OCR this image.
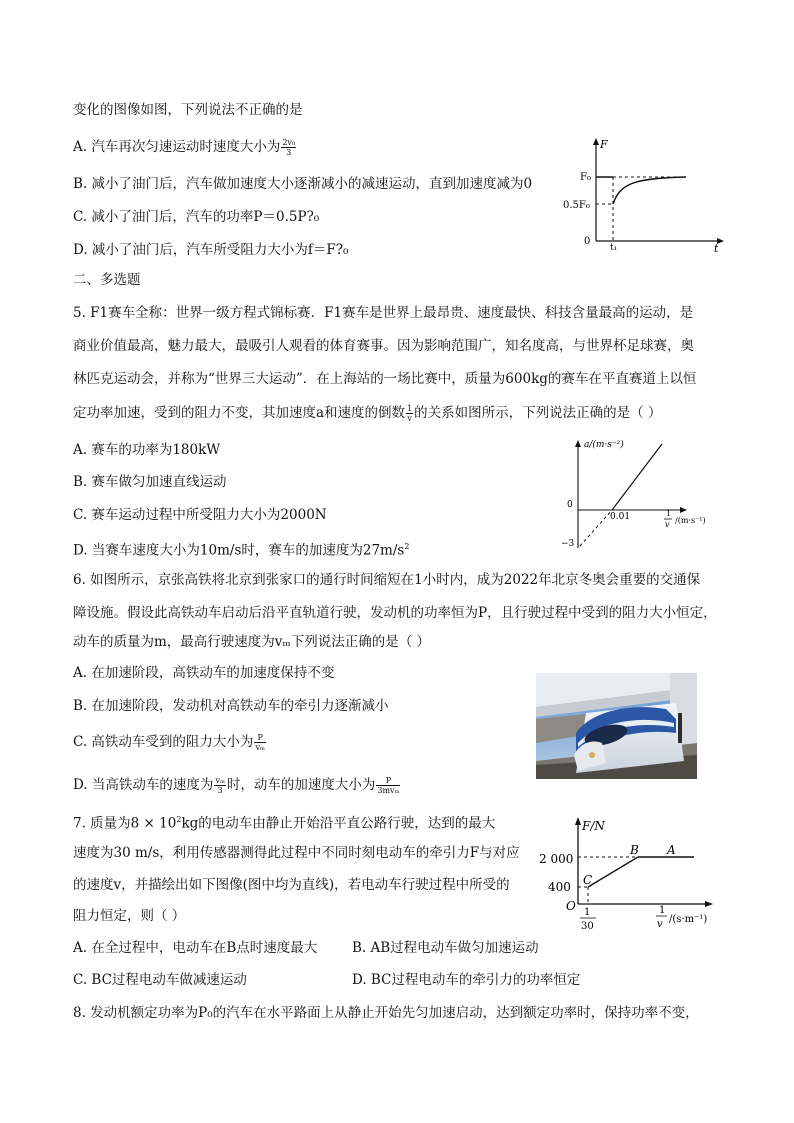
变化的图像如图，下列说法不正确的是
A. 汽车再次匀速运动时速度大小为 $\frac{\text{2v₀}}{3}$
B. 减小了油门后，汽车做加速度大小逐渐减小的减速运动，直到加速度减为0
C. 减小了油门后，汽车的功率P＝0.5P?₀
D. 减小了油门后，汽车所受阻力大小为f＝F?₀
F
t
F₀
0.5F₀
0
t₁
二、多选题
5. F1赛车全称：世界一级方程式锦标赛．F1赛车是世界上最昂贵、速度最快、科技含量最高的运动，是
商业价值最高，魅力最大，最吸引人观看的体育赛事。因为影响范围广，知名度高，与世界杯足球赛，奥
林匹克运动会，并称为“世界三大运动”．在上海站的一场比赛中，质量为600kg的赛车在平直赛道上以恒
定功率加速，受到的阻力不变，其加速度a和速度的倒数 $\frac{1}{v}$ 的关系如图所示，下列说法正确的是（ ）
A. 赛车的功率为180kW
B. 赛车做匀加速直线运动
C. 赛车运动过程中所受阻力大小为2000N
D. 当赛车速度大小为10m/s时，赛车的加速度为$27m/s^2$
a/(m·s⁻²)
0
−3
0.01	1
v /(m·s⁻¹)
6. 如图所示，京张高铁将北京到张家口的通行时间缩短在1小时内，成为2022年北京冬奥会重要的交通保
障设施。假设此高铁动车启动后沿平直轨道行驶，发动机的功率恒为P，且行驶过程中受到的阻力大小恒定，
动车的质量为m，最高行驶速度为vₘ下列说法正确的是（ ）
A. 在加速阶段，高铁动车的加速度保持不变
B. 在加速阶段，发动机对高铁动车的牵引力逐渐减小
C. 高铁动车受到的阻力大小为 $\frac{P}{\text{vₘ}}$
D. 当高铁动车的速度为 $\frac{\text{vₘ}}{3}$ 时，动车的加速度大小为 $\frac{P}{\text{3mvₘ}}$
7. 质量为$8 \times 10^2kg$的电动车由静止开始沿平直公路行驶，达到的最大
速度为30 m/s，利用传感器测得此过程中不同时刻电动车的牵引力F与对应
的速度v，并描绘出如下图像(图中均为直线)，若电动车行驶过程中所受的
阻力恒定，则（ ）
A. 在全过程中，电动车在B点时速度最大	B. AB过程电动车做匀加速运动
C. BC过程电动车做减速运动	D. BC过程电动车的牵引力的功率恒定
F/N
2 000
400
O 1
30
1
v /(s·m⁻¹)
C
B A
8. 发动机额定功率为P₀的汽车在水平路面上从静止开始先匀加速启动，达到额定功率时，保持功率不变，
